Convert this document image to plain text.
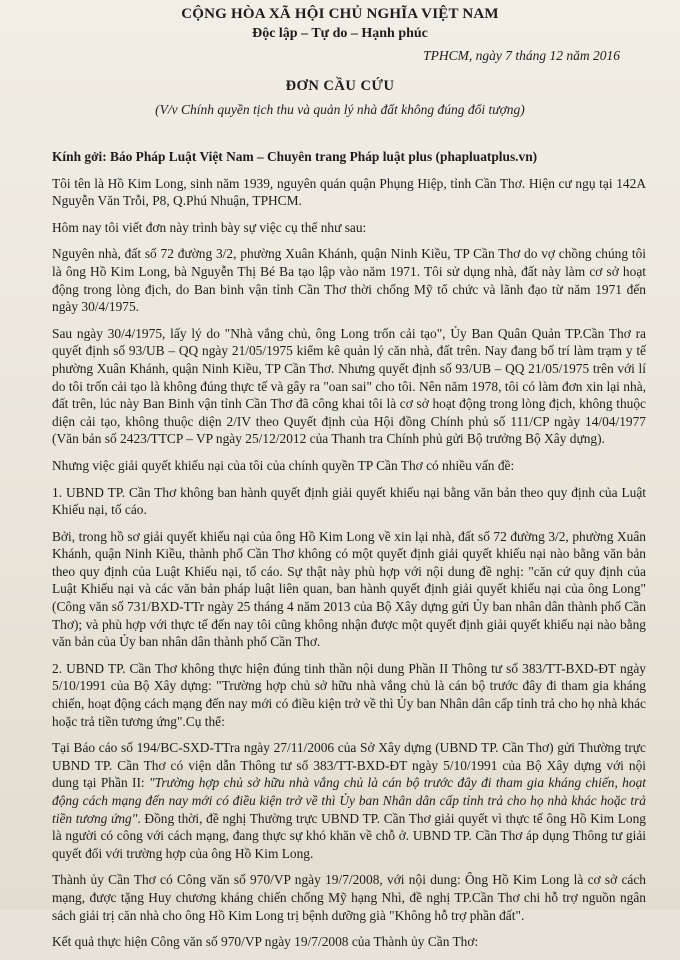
CỘNG HÒA XÃ HỘI CHỦ NGHĨA VIỆT NAM
Độc lập – Tự do – Hạnh phúc
TPHCM, ngày 7 tháng 12 năm 2016
ĐƠN CẦU CỨU
(V/v Chính quyền tịch thu và quản lý nhà đất không đúng đối tượng)

Kính gởi: Báo Pháp Luật Việt Nam – Chuyên trang Pháp luật plus (phapluatplus.vn)

Tôi tên là Hồ Kim Long, sinh năm 1939, nguyên quán quận Phụng Hiệp, tỉnh Cần Thơ. Hiện cư ngụ tại 142A Nguyễn Văn Trỗi, P8, Q.Phú Nhuận, TPHCM.

Hôm nay tôi viết đơn này trình bày sự việc cụ thể như sau:

Nguyên nhà, đất số 72 đường 3/2, phường Xuân Khánh, quận Ninh Kiều, TP Cần Thơ do vợ chồng chúng tôi là ông Hồ Kim Long, bà Nguyễn Thị Bé Ba tạo lập vào năm 1971. Tôi sử dụng nhà, đất này làm cơ sở hoạt động trong lòng địch, do Ban binh vận tỉnh Cần Thơ thời chống Mỹ tổ chức và lãnh đạo từ năm 1971 đến ngày 30/4/1975.

Sau ngày 30/4/1975, lấy lý do "Nhà vắng chủ, ông Long trốn cải tạo", Ủy Ban Quân Quản TP.Cần Thơ ra quyết định số 93/UB – QQ ngày 21/05/1975 kiểm kê quản lý căn nhà, đất trên. Nay đang bố trí làm trạm y tế phường Xuân Khánh, quận Ninh Kiều, TP Cần Thơ. Nhưng quyết định số 93/UB – QQ 21/05/1975 trên với lí do tôi trốn cải tạo là không đúng thực tế và gây ra "oan sai" cho tôi. Nên năm 1978, tôi có làm đơn xin lại nhà, đất trên, lúc này Ban Binh vận tỉnh Cần Thơ đã công khai tôi là cơ sở hoạt động trong lòng địch, không thuộc diện cải tạo, không thuộc diện 2/IV theo Quyết định của Hội đồng Chính phủ số 111/CP ngày 14/04/1977 (Văn bản số 2423/TTCP – VP ngày 25/12/2012 của Thanh tra Chính phủ gửi Bộ trưởng Bộ Xây dựng).

Nhưng việc giải quyết khiếu nại của tôi của chính quyền TP Cần Thơ có nhiều vấn đề:

1. UBND TP. Cần Thơ không ban hành quyết định giải quyết khiếu nại bằng văn bản theo quy định của Luật Khiếu nại, tố cáo.

Bởi, trong hồ sơ giải quyết khiếu nại của ông Hồ Kim Long về xin lại nhà, đất số 72 đường 3/2, phường Xuân Khánh, quận Ninh Kiều, thành phố Cần Thơ không có một quyết định giải quyết khiếu nại nào bằng văn bản theo quy định của Luật Khiếu nại, tố cáo. Sự thật này phù hợp với nội dung đề nghị: "căn cứ quy định của Luật Khiếu nại và các văn bản pháp luật liên quan, ban hành quyết định giải quyết khiếu nại của ông Long" (Công văn số 731/BXD-TTr ngày 25 tháng 4 năm 2013 của Bộ Xây dựng gửi Ủy ban nhân dân thành phố Cần Thơ); và phù hợp với thực tế đến nay tôi cũng không nhận được một quyết định giải quyết khiếu nại nào bằng văn bản của Ủy ban nhân dân thành phố Cần Thơ.

2. UBND TP. Cần Thơ không thực hiện đúng tinh thần nội dung Phần II Thông tư số 383/TT-BXD-ĐT ngày 5/10/1991 của Bộ Xây dựng: "Trường hợp chủ sở hữu nhà vắng chủ là cán bộ trước đây đi tham gia kháng chiến, hoạt động cách mạng đến nay mới có điều kiện trở về thì Ủy ban Nhân dân cấp tỉnh trả cho họ nhà khác hoặc trả tiền tương ứng".Cụ thể:

Tại Báo cáo số 194/BC-SXD-TTra ngày 27/11/2006 của Sở Xây dựng (UBND TP. Cần Thơ) gửi Thường trực UBND TP. Cần Thơ có viện dẫn Thông tư số 383/TT-BXD-ĐT ngày 5/10/1991 của Bộ Xây dựng với nội dung tại Phần II: "Trường hợp chủ sở hữu nhà vắng chủ là cán bộ trước đây đi tham gia kháng chiến, hoạt động cách mạng đến nay mới có điều kiện trở về thì Ủy ban Nhân dân cấp tỉnh trả cho họ nhà khác hoặc trả tiền tương ứng". Đồng thời, đề nghị Thường trực UBND TP. Cần Thơ giải quyết vì thực tế ông Hồ Kim Long là người có công với cách mạng, đang thực sự khó khăn về chỗ ở. UBND TP. Cần Thơ áp dụng Thông tư giải quyết đối với trường hợp của ông Hồ Kim Long.

Thành ủy Cần Thơ có Công văn số 970/VP ngày 19/7/2008, với nội dung: Ông Hồ Kim Long là cơ sở cách mạng, được tặng Huy chương kháng chiến chống Mỹ hạng Nhì, đề nghị TP.Cần Thơ chi hỗ trợ nguồn ngân sách giải trị căn nhà cho ông Hồ Kim Long trị bệnh dưỡng già "Không hỗ trợ phần đất".

Kết quả thực hiện Công văn số 970/VP ngày 19/7/2008 của Thành ủy Cần Thơ:
